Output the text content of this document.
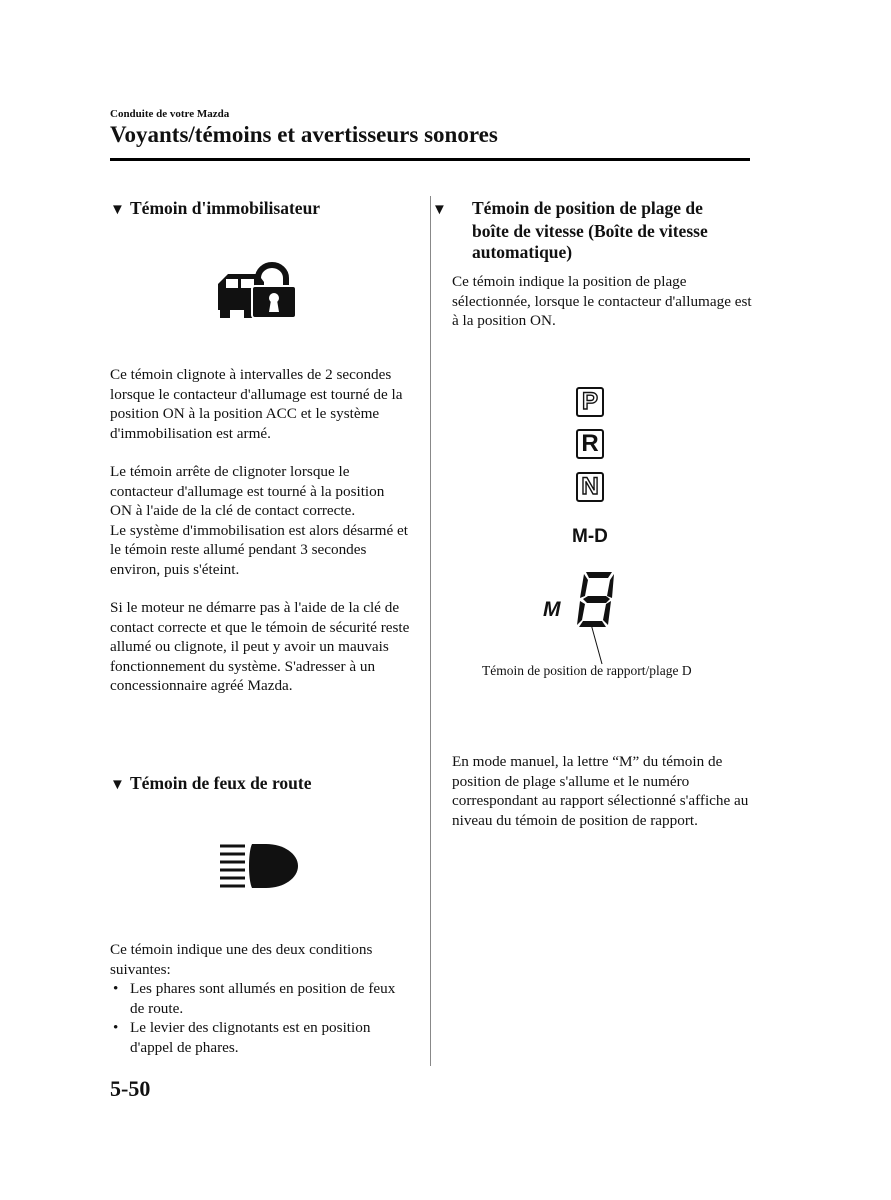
Conduite de votre Mazda
Voyants/témoins et avertisseurs sonores
▼ Témoin d'immobilisateur

Ce témoin clignote à intervalles de 2 secondes lorsque le contacteur d'allumage est tourné de la position ON à la position ACC et le système d'immobilisation est armé.

Le témoin arrête de clignoter lorsque le contacteur d'allumage est tourné à la position ON à l'aide de la clé de contact correcte.

Le système d'immobilisation est alors désarmé et le témoin reste allumé pendant 3 secondes environ, puis s'éteint.

Si le moteur ne démarre pas à l'aide de la clé de contact correcte et que le témoin de sécurité reste allumé ou clignote, il peut y avoir un mauvais fonctionnement du système. S'adresser à un concessionnaire agréé Mazda.

▼ Témoin de feux de route

Ce témoin indique une des deux conditions suivantes:

• Les phares sont allumés en position de feux de route.
• Le levier des clignotants est en position d'appel de phares.
▼ Témoin de position de plage de
boîte de vitesse (Boîte de vitesse
automatique)
Ce témoin indique la position de plage sélectionnée, lorsque le contacteur d'allumage est à la position ON.
P
R
N
M-D
M
Témoin de position de rapport/plage D
En mode manuel, la lettre “M” du témoin de position de plage s'allume et le numéro correspondant au rapport sélectionné s'affiche au niveau du témoin de position de rapport.
5-50
